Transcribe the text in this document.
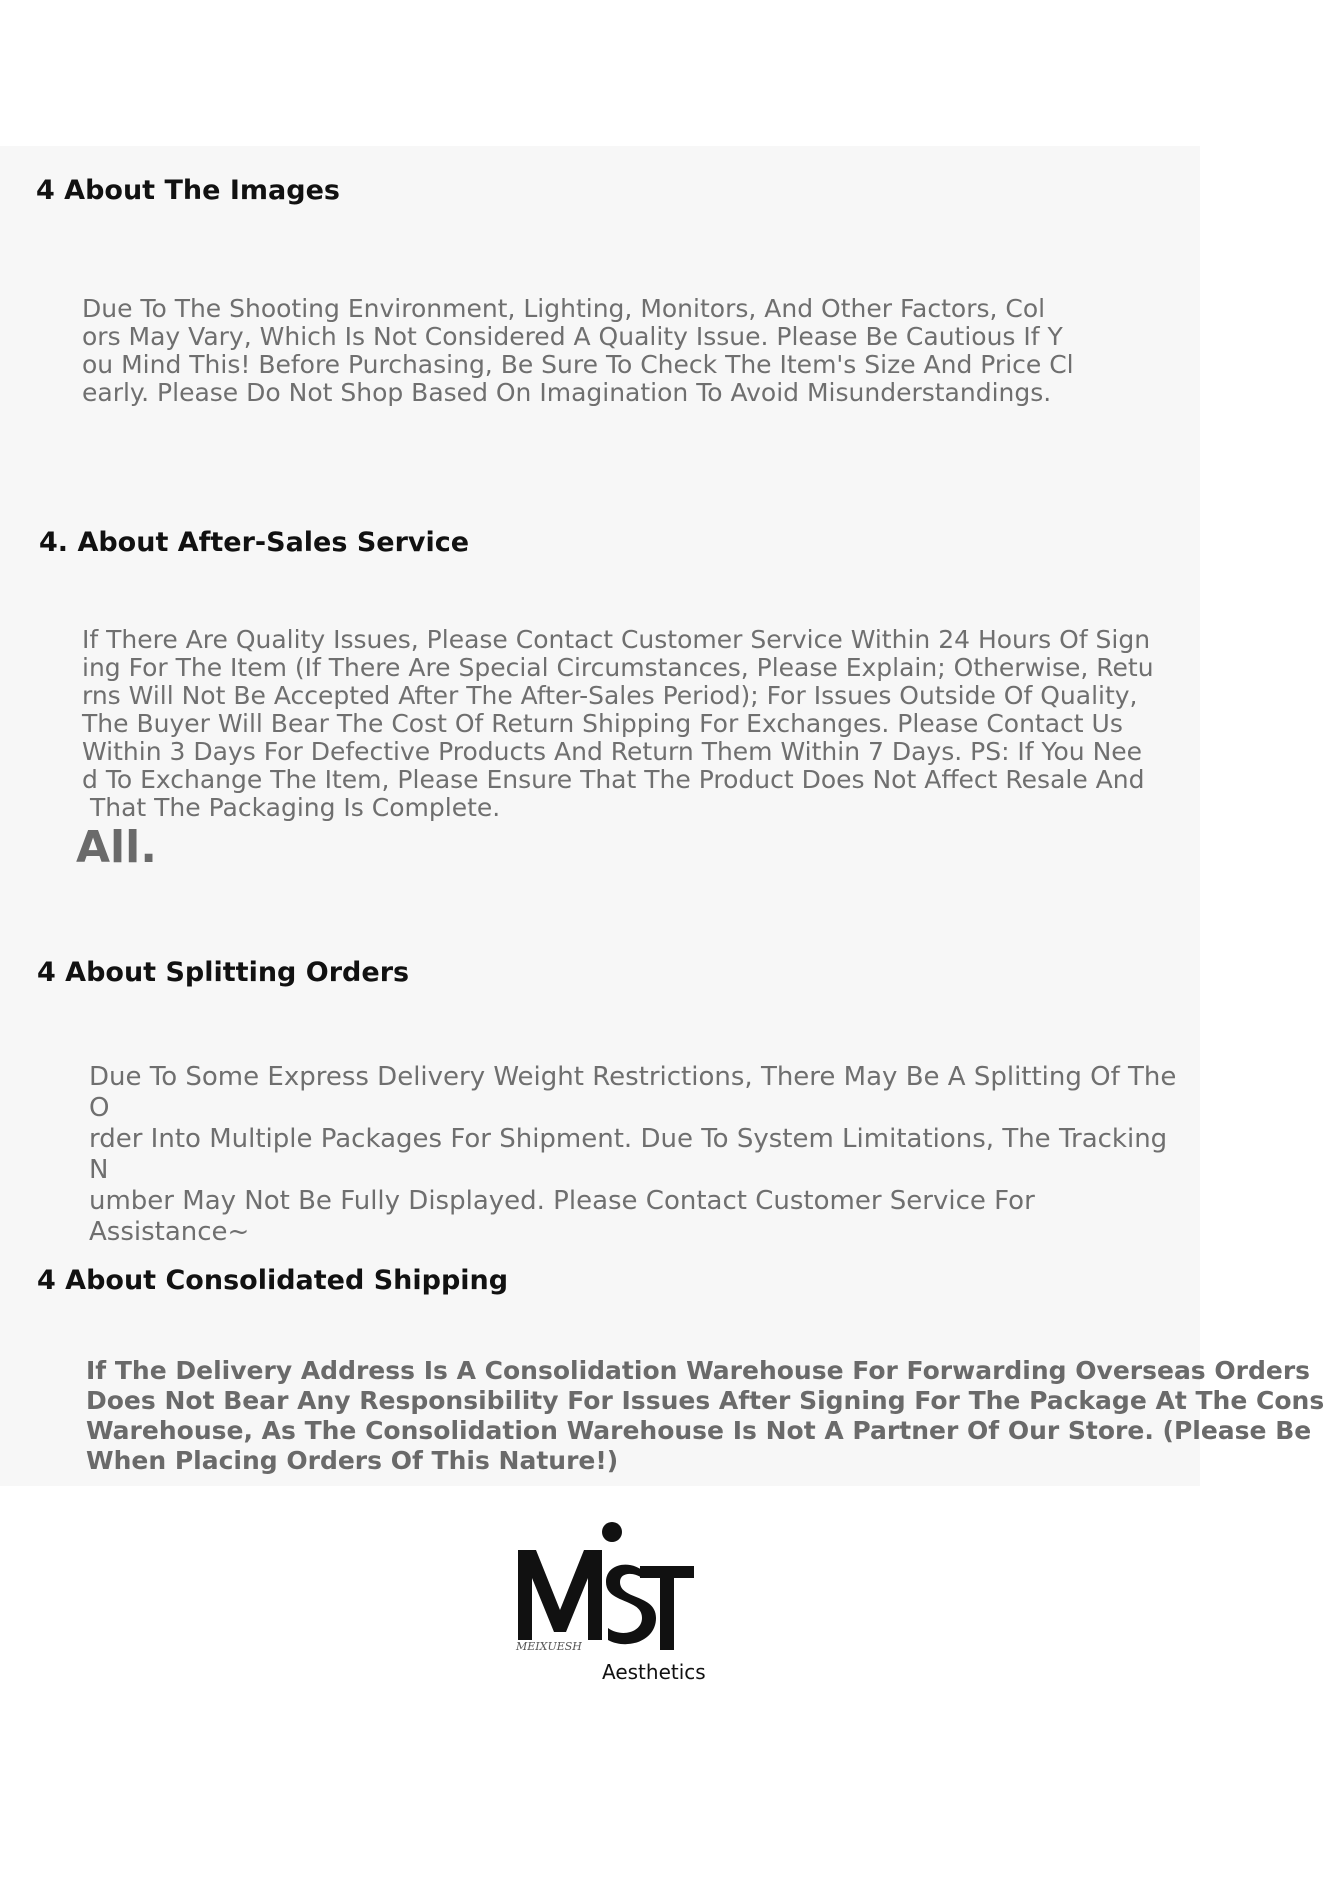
4 About The Images
Due To The Shooting Environment, Lighting, Monitors, And Other Factors, Col
ors May Vary, Which Is Not Considered A Quality Issue. Please Be Cautious If Y
ou Mind This! Before Purchasing, Be Sure To Check The Item's Size And Price Cl
early. Please Do Not Shop Based On Imagination To Avoid Misunderstandings.
4. About After-Sales Service
If There Are Quality Issues, Please Contact Customer Service Within 24 Hours Of Sign
ing For The Item (If There Are Special Circumstances, Please Explain; Otherwise, Retu
rns Will Not Be Accepted After The After-Sales Period); For Issues Outside Of Quality,
The Buyer Will Bear The Cost Of Return Shipping For Exchanges. Please Contact Us
Within 3 Days For Defective Products And Return Them Within 7 Days. PS: If You Nee
d To Exchange The Item, Please Ensure That The Product Does Not Affect Resale And
That The Packaging Is Complete.
All.
4 About Splitting Orders
Due To Some Express Delivery Weight Restrictions, There May Be A Splitting Of The O
rder Into Multiple Packages For Shipment. Due To System Limitations, The Tracking N
umber May Not Be Fully Displayed. Please Contact Customer Service For Assistance~
4 About Consolidated Shipping
If The Delivery Address Is A Consolidation Warehouse For Forwarding Overseas Orders
Does Not Bear Any Responsibility For Issues After Signing For The Package At The Cons
Warehouse, As The Consolidation Warehouse Is Not A Partner Of Our Store. (Please Be
When Placing Orders Of This Nature!)
MEIXUESH
Aesthetics
